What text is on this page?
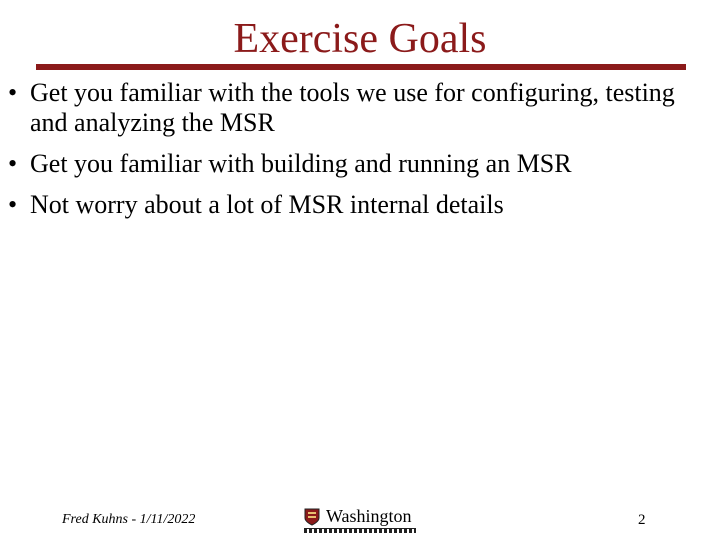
Exercise Goals
• Get you familiar with the tools we use for configuring, testing and analyzing the MSR
• Get you familiar with building and running an MSR
• Not worry about a lot of MSR internal details
Fred Kuhns - 1/11/2022	Washington	2
